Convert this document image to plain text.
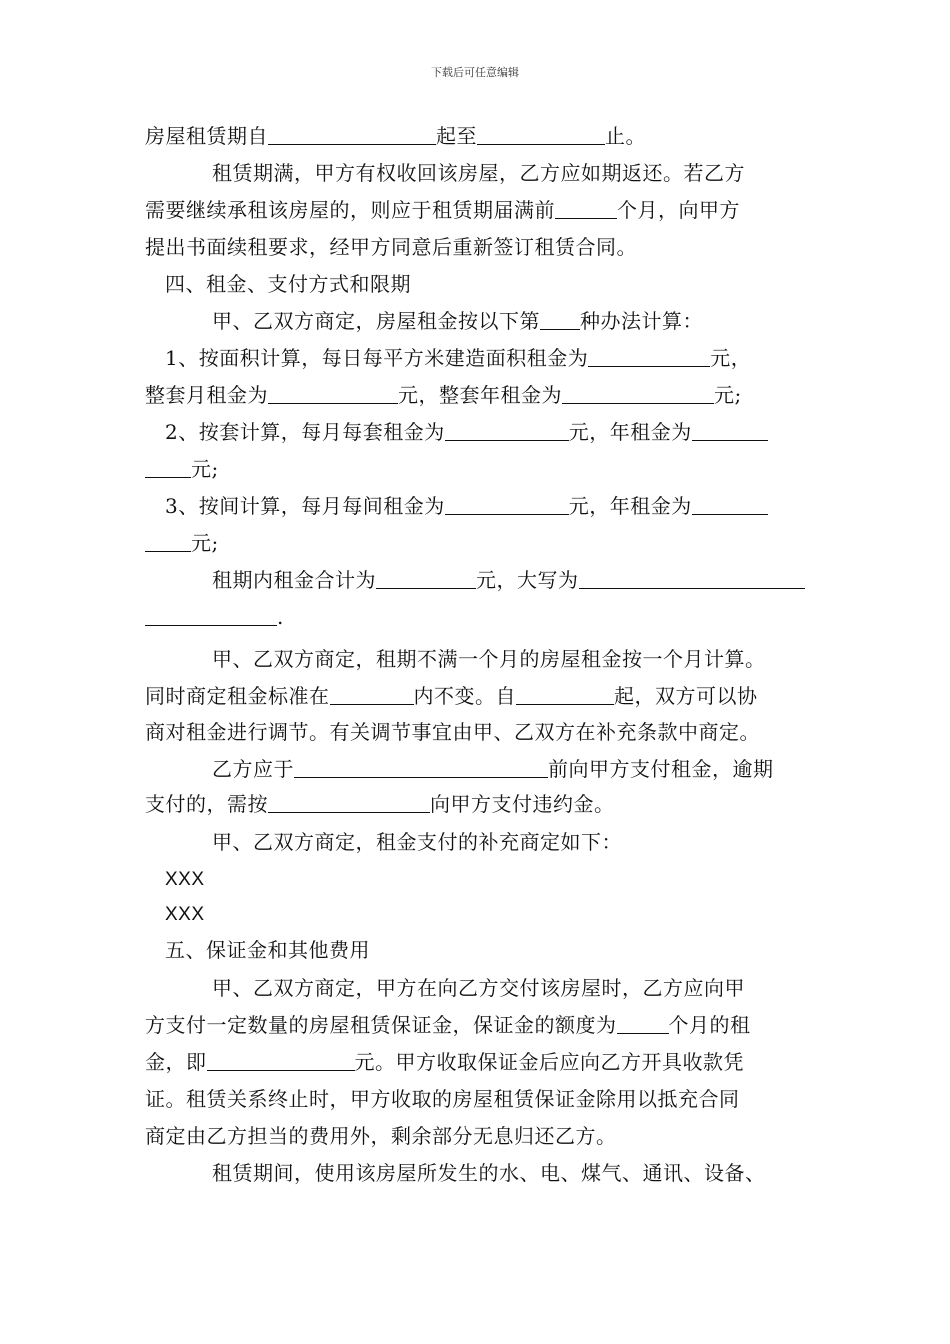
下载后可任意编辑
房屋租赁期自	起至	止。
租赁期满，甲方有权收回该房屋，乙方应如期返还。若乙方
需要继续承租该房屋的，则应于租赁期届满前	个月，向甲方
提出书面续租要求，经甲方同意后重新签订租赁合同。
四、租金、支付方式和限期
甲、乙双方商定，房屋租金按以下第 种办法计算：
1、按面积计算，每日每平方米建造面积租金为	元，
整套月租金为	元，整套年租金为	元;
2、按套计算，每月每套租金为	元，年租金为
元;
3、按间计算，每月每间租金为	元，年租金为
元;
租期内租金合计为	元，大写为
.
甲、乙双方商定，租期不满一个月的房屋租金按一个月计算。
同时商定租金标准在	内不变。自	起，双方可以协
商对租金进行调节。有关调节事宜由甲、乙双方在补充条款中商定。
乙方应于	前向甲方支付租金，逾期
支付的，需按	向甲方支付违约金。
甲、乙双方商定，租金支付的补充商定如下：
XXX
XXX
五、保证金和其他费用
甲、乙双方商定，甲方在向乙方交付该房屋时，乙方应向甲
方支付一定数量的房屋租赁保证金，保证金的额度为	个月的租
金，即	元。甲方收取保证金后应向乙方开具收款凭
证。租赁关系终止时，甲方收取的房屋租赁保证金除用以抵充合同
商定由乙方担当的费用外，剩余部分无息归还乙方。
租赁期间，使用该房屋所发生的水、电、煤气、通讯、设备、
